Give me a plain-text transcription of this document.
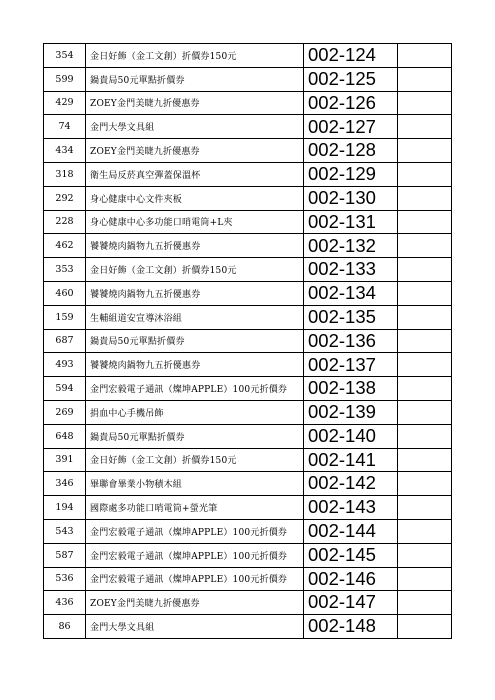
354	金日好飾（金工文創）折價券150元	002-124	
599	鍋貴局50元單點折價券	002-125	
429	ZOEY金門美睫九折優惠券	002-126	
74	金門大學文具組	002-127	
434	ZOEY金門美睫九折優惠券	002-128	
318	衛生局反菸真空彈蓋保溫杯	002-129	
292	身心健康中心文件夾板	002-130	
228	身心健康中心多功能口哨電筒+L夾	002-131	
462	饕饕燒肉鍋物九五折優惠券	002-132	
353	金日好飾（金工文創）折價券150元	002-133	
460	饕饕燒肉鍋物九五折優惠券	002-134	
159	生輔組道安宣導沐浴組	002-135	
687	鍋貴局50元單點折價券	002-136	
493	饕饕燒肉鍋物九五折優惠券	002-137	
594	金門宏毅電子通訊（燦坤APPLE）100元折價券	002-138	
269	捐血中心手機吊飾	002-139	
648	鍋貴局50元單點折價券	002-140	
391	金日好飾（金工文創）折價券150元	002-141	
346	畢聯會畢業小物積木組	002-142	
194	國際處多功能口哨電筒+螢光筆	002-143	
543	金門宏毅電子通訊（燦坤APPLE）100元折價券	002-144	
587	金門宏毅電子通訊（燦坤APPLE）100元折價券	002-145	
536	金門宏毅電子通訊（燦坤APPLE）100元折價券	002-146	
436	ZOEY金門美睫九折優惠券	002-147	
86	金門大學文具組	002-148	
